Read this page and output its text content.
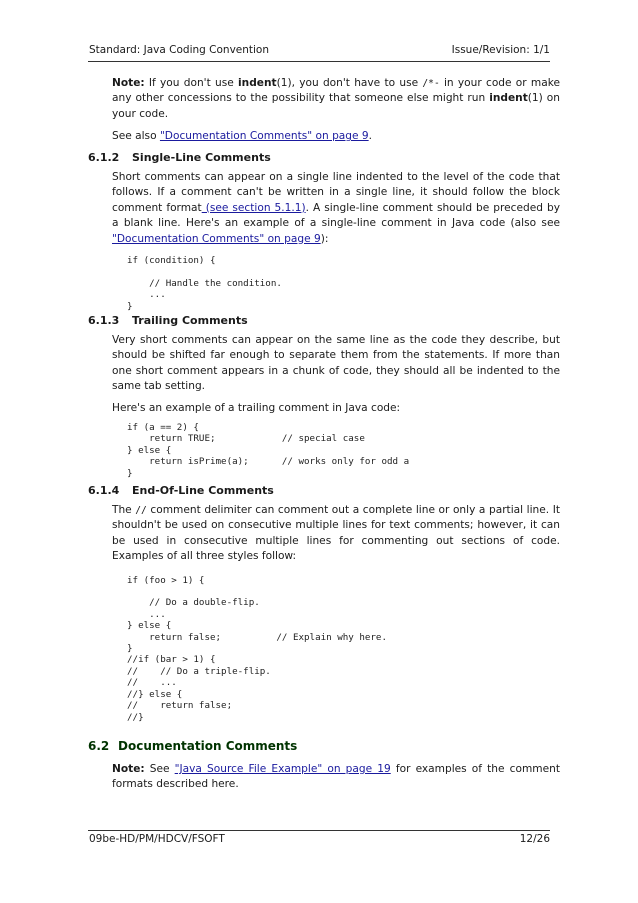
Standard: Java Coding Convention	Issue/Revision: 1/1

Note: If you don't use indent(1), you don't have to use /*- in your code or make any other concessions to the possibility that someone else might run indent(1) on your code.

See also "Documentation Comments" on page 9.

6.1.2 Single-Line Comments
Short comments can appear on a single line indented to the level of the code that follows. If a comment can't be written in a single line, it should follow the block comment format (see section 5.1.1). A single-line comment should be preceded by a blank line. Here's an example of a single-line comment in Java code (also see "Documentation Comments" on page 9):
if (condition) {

// Handle the condition.
...
}
6.1.3 Trailing Comments
Very short comments can appear on the same line as the code they describe, but should be shifted far enough to separate them from the statements. If more than one short comment appears in a chunk of code, they should all be indented to the same tab setting.
Here's an example of a trailing comment in Java code:
if (a == 2) {
return TRUE;            // special case
} else {
return isPrime(a);      // works only for odd a
}
6.1.4 End-Of-Line Comments
The // comment delimiter can comment out a complete line or only a partial line. It shouldn't be used on consecutive multiple lines for text comments; however, it can be used in consecutive multiple lines for commenting out sections of code. Examples of all three styles follow:
if (foo > 1) {

// Do a double-flip.
...
} else {
return false;          // Explain why here.
}
//if (bar > 1) {
//    // Do a triple-flip.
//    ...
//} else {
//    return false;
//}
6.2 Documentation Comments
Note: See "Java Source File Example" on page 19 for examples of the comment formats described here.
09be-HD/PM/HDCV/FSOFT	12/26
